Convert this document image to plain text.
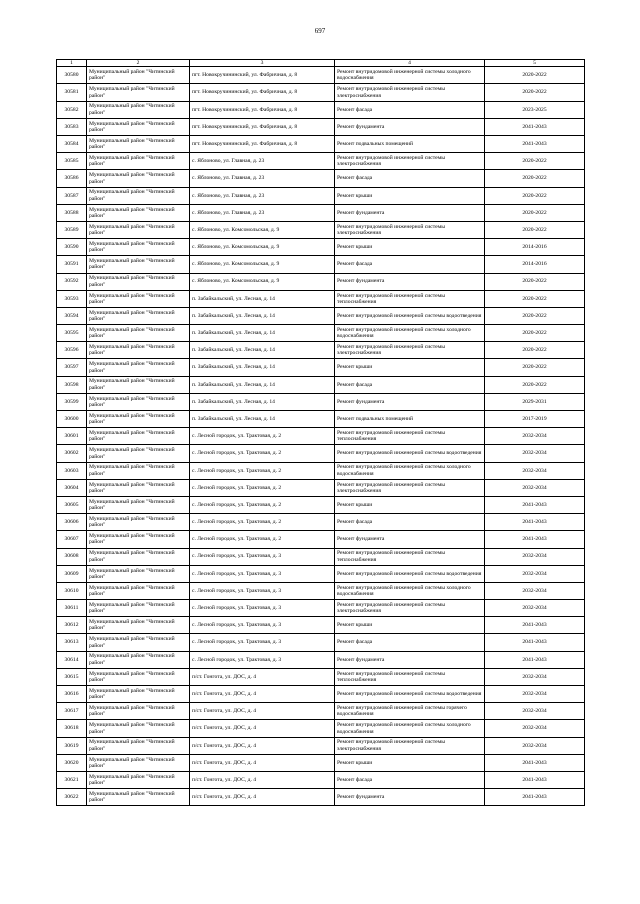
697
1	2	3	4	5
30580	Муниципальный район "Читинский район"	пгт. Новокручининский, ул. Фабричная, д. 8	Ремонт внутридомовой инженерной системы холодного водоснабжения	2020-2022
30581	Муниципальный район "Читинский район"	пгт. Новокручининский, ул. Фабричная, д. 8	Ремонт внутридомовой инженерной системы электроснабжения	2020-2022
30582	Муниципальный район "Читинский район"	пгт. Новокручининский, ул. Фабричная, д. 8	Ремонт фасада	2023-2025
30583	Муниципальный район "Читинский район"	пгт. Новокручининский, ул. Фабричная, д. 8	Ремонт фундамента	2041-2043
30584	Муниципальный район "Читинский район"	пгт. Новокручининский, ул. Фабричная, д. 8	Ремонт подвальных помещений	2041-2043
30585	Муниципальный район "Читинский район"	с. Яблоново, ул. Главная, д. 23	Ремонт внутридомовой инженерной системы электроснабжения	2020-2022
30586	Муниципальный район "Читинский район"	с. Яблоново, ул. Главная, д. 23	Ремонт фасада	2020-2022
30587	Муниципальный район "Читинский район"	с. Яблоново, ул. Главная, д. 23	Ремонт крыши	2020-2022
30588	Муниципальный район "Читинский район"	с. Яблоново, ул. Главная, д. 23	Ремонт фундамента	2020-2022
30589	Муниципальный район "Читинский район"	с. Яблоново, ул. Комсомольская, д. 9	Ремонт внутридомовой инженерной системы электроснабжения	2020-2022
30590	Муниципальный район "Читинский район"	с. Яблоново, ул. Комсомольская, д. 9	Ремонт крыши	2014-2016
30591	Муниципальный район "Читинский район"	с. Яблоново, ул. Комсомольская, д. 9	Ремонт фасада	2014-2016
30592	Муниципальный район "Читинский район"	с. Яблоново, ул. Комсомольская, д. 9	Ремонт фундамента	2020-2022
30593	Муниципальный район "Читинский район"	п. Забайкальский, ул. Лесная, д. 14	Ремонт внутридомовой инженерной системы теплоснабжения	2020-2022
30594	Муниципальный район "Читинский район"	п. Забайкальский, ул. Лесная, д. 14	Ремонт внутридомовой инженерной системы водоотведения	2020-2022
30595	Муниципальный район "Читинский район"	п. Забайкальский, ул. Лесная, д. 14	Ремонт внутридомовой инженерной системы холодного водоснабжения	2020-2022
30596	Муниципальный район "Читинский район"	п. Забайкальский, ул. Лесная, д. 14	Ремонт внутридомовой инженерной системы электроснабжения	2020-2022
30597	Муниципальный район "Читинский район"	п. Забайкальский, ул. Лесная, д. 14	Ремонт крыши	2020-2022
30598	Муниципальный район "Читинский район"	п. Забайкальский, ул. Лесная, д. 14	Ремонт фасада	2020-2022
30599	Муниципальный район "Читинский район"	п. Забайкальский, ул. Лесная, д. 14	Ремонт фундамента	2029-2031
30600	Муниципальный район "Читинский район"	п. Забайкальский, ул. Лесная, д. 14	Ремонт подвальных помещений	2017-2019
30601	Муниципальный район "Читинский район"	с. Лесной городок, ул. Трактовая, д. 2	Ремонт внутридомовой инженерной системы теплоснабжения	2032-2034
30602	Муниципальный район "Читинский район"	с. Лесной городок, ул. Трактовая, д. 2	Ремонт внутридомовой инженерной системы водоотведения	2032-2034
30603	Муниципальный район "Читинский район"	с. Лесной городок, ул. Трактовая, д. 2	Ремонт внутридомовой инженерной системы холодного водоснабжения	2032-2034
30604	Муниципальный район "Читинский район"	с. Лесной городок, ул. Трактовая, д. 2	Ремонт внутридомовой инженерной системы электроснабжения	2032-2034
30605	Муниципальный район "Читинский район"	с. Лесной городок, ул. Трактовая, д. 2	Ремонт крыши	2041-2043
30606	Муниципальный район "Читинский район"	с. Лесной городок, ул. Трактовая, д. 2	Ремонт фасада	2041-2043
30607	Муниципальный район "Читинский район"	с. Лесной городок, ул. Трактовая, д. 2	Ремонт фундамента	2041-2043
30608	Муниципальный район "Читинский район"	с. Лесной городок, ул. Трактовая, д. 3	Ремонт внутридомовой инженерной системы теплоснабжения	2032-2034
30609	Муниципальный район "Читинский район"	с. Лесной городок, ул. Трактовая, д. 3	Ремонт внутридомовой инженерной системы водоотведения	2032-2034
30610	Муниципальный район "Читинский район"	с. Лесной городок, ул. Трактовая, д. 3	Ремонт внутридомовой инженерной системы холодного водоснабжения	2032-2034
30611	Муниципальный район "Читинский район"	с. Лесной городок, ул. Трактовая, д. 3	Ремонт внутридомовой инженерной системы электроснабжения	2032-2034
30612	Муниципальный район "Читинский район"	с. Лесной городок, ул. Трактовая, д. 3	Ремонт крыши	2041-2043
30613	Муниципальный район "Читинский район"	с. Лесной городок, ул. Трактовая, д. 3	Ремонт фасада	2041-2043
30614	Муниципальный район "Читинский район"	с. Лесной городок, ул. Трактовая, д. 3	Ремонт фундамента	2041-2043
30615	Муниципальный район "Читинский район"	п/ст. Гонгота, ул. ДОС, д. 4	Ремонт внутридомовой инженерной системы теплоснабжения	2032-2034
30616	Муниципальный район "Читинский район"	п/ст. Гонгота, ул. ДОС, д. 4	Ремонт внутридомовой инженерной системы водоотведения	2032-2034
30617	Муниципальный район "Читинский район"	п/ст. Гонгота, ул. ДОС, д. 4	Ремонт внутридомовой инженерной системы горячего водоснабжения	2032-2034
30618	Муниципальный район "Читинский район"	п/ст. Гонгота, ул. ДОС, д. 4	Ремонт внутридомовой инженерной системы холодного водоснабжения	2032-2034
30619	Муниципальный район "Читинский район"	п/ст. Гонгота, ул. ДОС, д. 4	Ремонт внутридомовой инженерной системы электроснабжения	2032-2034
30620	Муниципальный район "Читинский район"	п/ст. Гонгота, ул. ДОС, д. 4	Ремонт крыши	2041-2043
30621	Муниципальный район "Читинский район"	п/ст. Гонгота, ул. ДОС, д. 4	Ремонт фасада	2041-2043
30622	Муниципальный район "Читинский район"	п/ст. Гонгота, ул. ДОС, д. 4	Ремонт фундамента	2041-2043
